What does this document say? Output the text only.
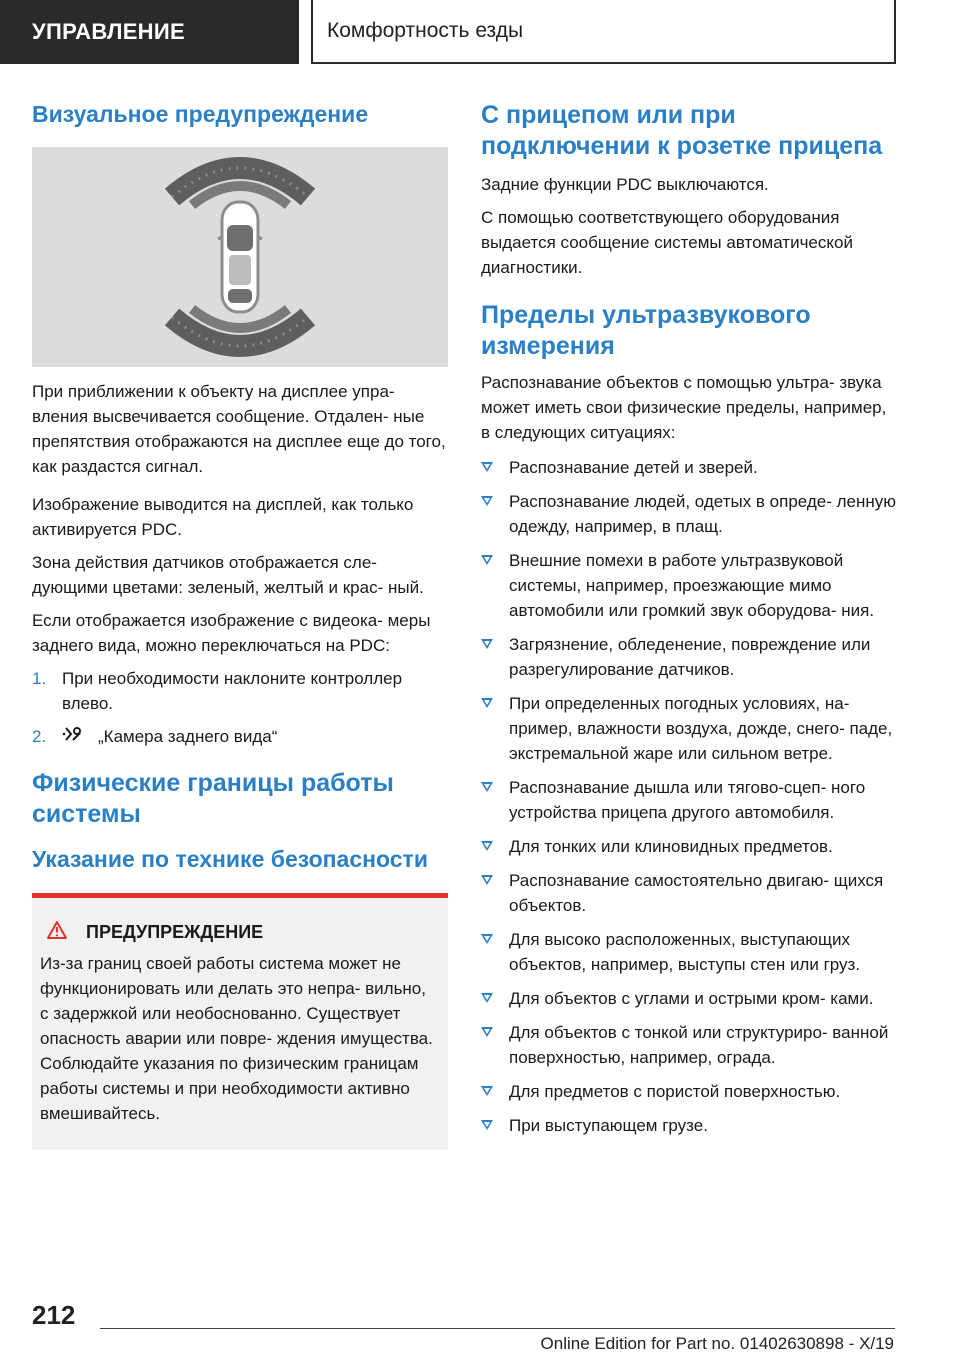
УПРАВЛЕНИЕ	Комфортность езды
Визуальное предупреждение

При приближении к объекту на дисплее упра- вления высвечивается сообщение. Отдален- ные препятствия отображаются на дисплее еще до того, как раздастся сигнал.

Изображение выводится на дисплей, как только активируется PDC.

Зона действия датчиков отображается сле- дующими цветами: зеленый, желтый и крас- ный.

Если отображается изображение с видеока- меры заднего вида, можно переключаться на PDC:

1. При необходимости наклоните контроллер влево.
2.	„Камера заднего вида“
Физические границы работы системы
Указание по технике безопасности
ПРЕДУПРЕЖДЕНИЕ

Из-за границ своей работы система может не функционировать или делать это непра- вильно, с задержкой или необоснованно. Существует опасность аварии или повре- ждения имущества. Соблюдайте указания по физическим границам работы системы и при необходимости активно вмешивайтесь.

С прицепом или при подключении к розетке прицепа

Задние функции PDC выключаются.

С помощью соответствующего оборудования выдается сообщение системы автоматической диагностики.

Пределы ультразвукового измерения

Распознавание объектов с помощью ультра- звука может иметь свои физические пределы, например, в следующих ситуациях:

Распознавание детей и зверей.
Распознавание людей, одетых в опреде- ленную одежду, например, в плащ.
Внешние помехи в работе ультразвуковой системы, например, проезжающие мимо автомобили или громкий звук оборудова- ния.
Загрязнение, обледенение, повреждение или разрегулирование датчиков.
При определенных погодных условиях, на- пример, влажности воздуха, дожде, снего- паде, экстремальной жаре или сильном ветре.
Распознавание дышла или тягово-сцеп- ного устройства прицепа другого автомобиля.
Для тонких или клиновидных предметов.
Распознавание самостоятельно двигаю- щихся объектов.
Для высоко расположенных, выступающих объектов, например, выступы стен или груз.
Для объектов с углами и острыми кром- ками.
Для объектов с тонкой или структуриро- ванной поверхностью, например, ограда.
Для предметов с пористой поверхностью.
При выступающем грузе.
212
Online Edition for Part no. 01402630898 - X/19
